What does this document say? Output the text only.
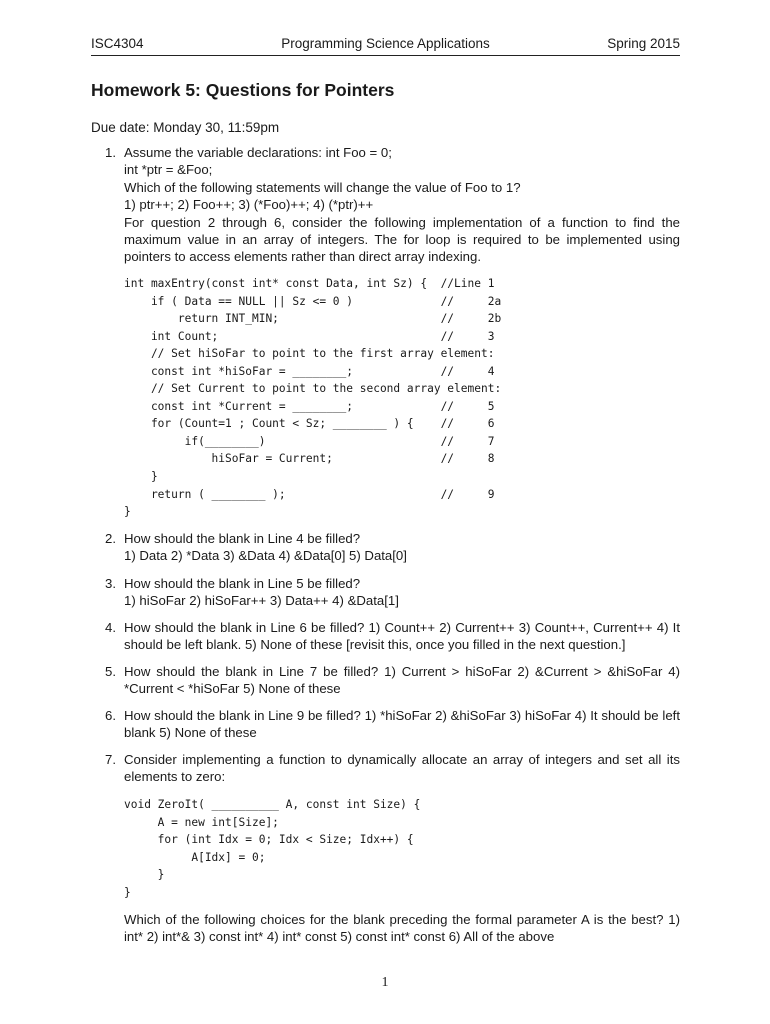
ISC4304	Programming Science Applications	Spring 2015
Homework 5: Questions for Pointers
Due date: Monday 30, 11:59pm
1. Assume the variable declarations: int Foo = 0;
int *ptr = &Foo;
Which of the following statements will change the value of Foo to 1?
1) ptr++; 2) Foo++; 3) (*Foo)++; 4) (*ptr)++
For question 2 through 6, consider the following implementation of a function to find the maximum value in an array of integers. The for loop is required to be implemented using pointers to access elements rather than direct array indexing.
int maxEntry(const int* const Data, int Sz) {  //Line 1
if ( Data == NULL || Sz <= 0 )             //     2a
return INT_MIN;                        //     2b
int Count;                                 //     3
// Set hiSoFar to point to the first array element:
const int *hiSoFar = ________;             //     4
// Set Current to point to the second array element:
const int *Current = ________;             //     5
for (Count=1 ; Count < Sz; ________ ) {    //     6
if(________)                          //     7
hiSoFar = Current;                //     8
}
return ( ________ );                       //     9
}
2. How should the blank in Line 4 be filled?
1) Data 2) *Data 3) &Data 4) &Data[0] 5) Data[0]
3. How should the blank in Line 5 be filled?
1) hiSoFar 2) hiSoFar++ 3) Data++ 4) &Data[1]
4. How should the blank in Line 6 be filled? 1) Count++ 2) Current++ 3) Count++, Current++ 4) It should be left blank. 5) None of these [revisit this, once you filled in the next question.]
5. How should the blank in Line 7 be filled? 1) Current > hiSoFar 2) &Current > &hiSoFar 4) *Current < *hiSoFar 5) None of these
6. How should the blank in Line 9 be filled? 1) *hiSoFar 2) &hiSoFar 3) hiSoFar 4) It should be left blank 5) None of these
7. Consider implementing a function to dynamically allocate an array of integers and set all its elements to zero:
void ZeroIt( __________ A, const int Size) {
A = new int[Size];
for (int Idx = 0; Idx < Size; Idx++) {
A[Idx] = 0;
}
}
Which of the following choices for the blank preceding the formal parameter A is the best? 1) int* 2) int*& 3) const int* 4) int* const 5) const int* const 6) All of the above
1
